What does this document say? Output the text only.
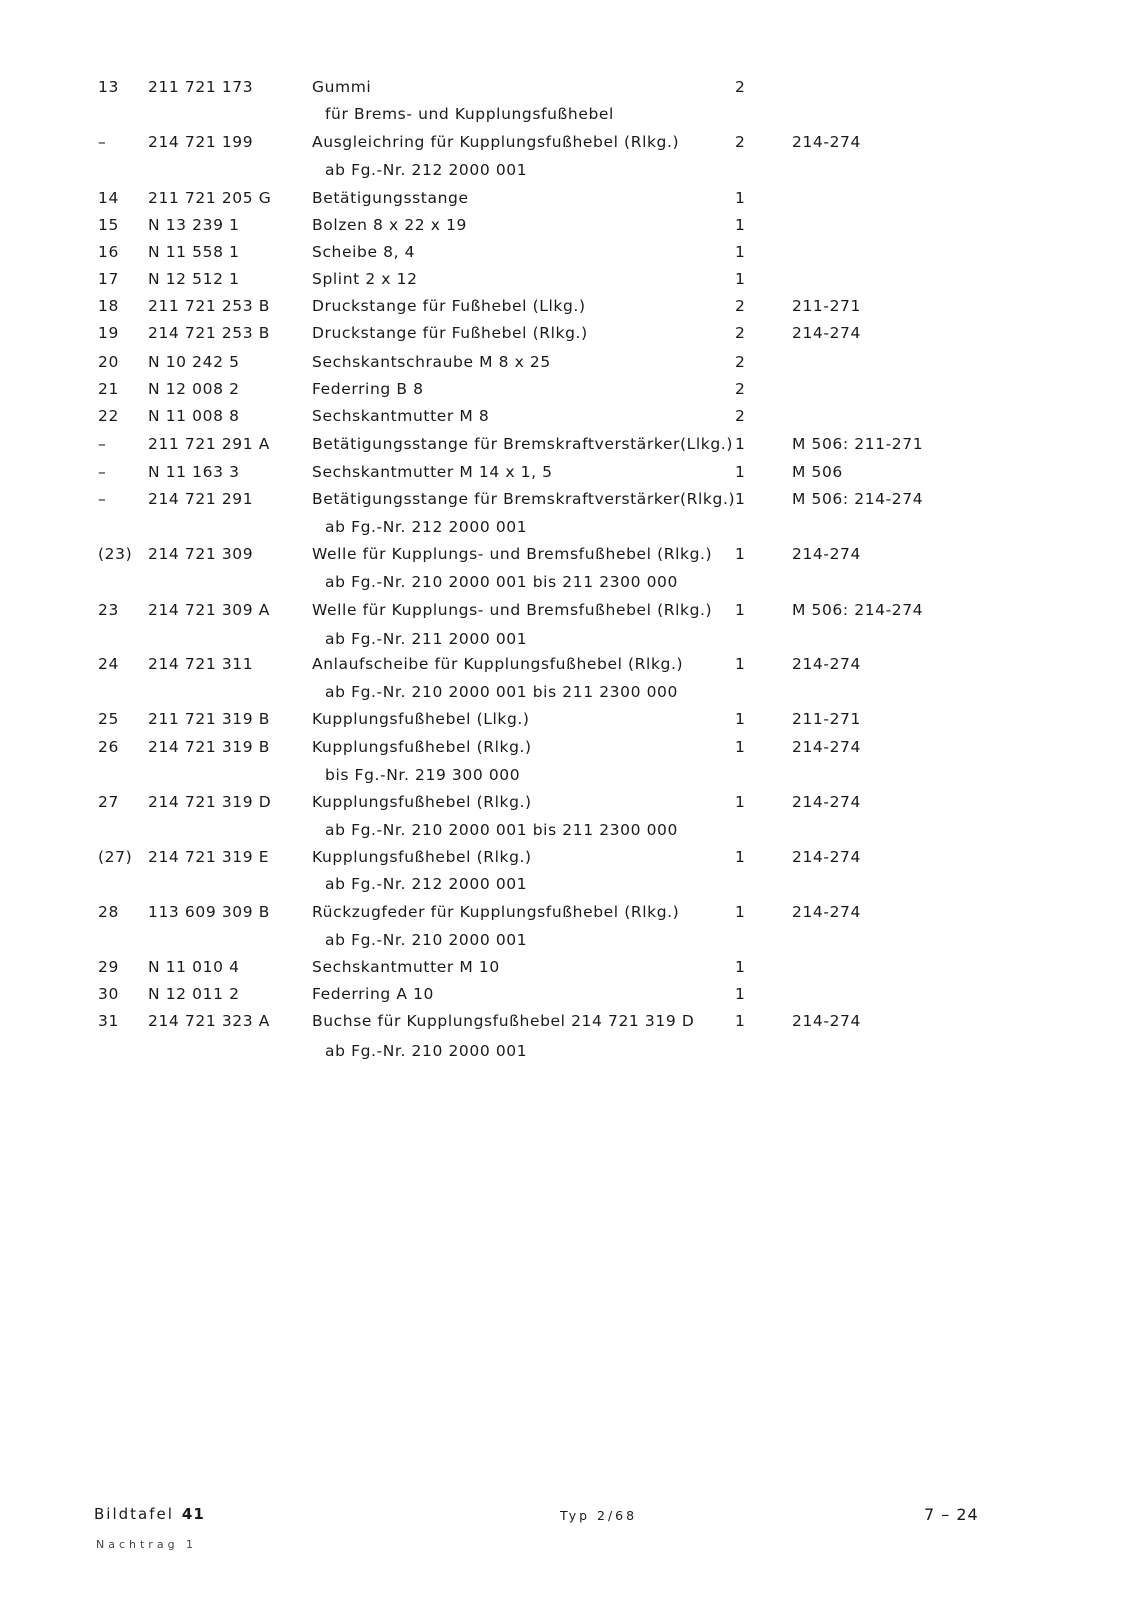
13 211 721 173	Gummi	2
für Brems- und Kupplungsfußhebel
–	214 721 199	Ausgleichring für Kupplungsfußhebel (Rlkg.)	2	214-274
ab Fg.-Nr. 212 2000 001
14 211 721 205 G	Betätigungsstange	1
15 N 13 239 1	Bolzen 8 x 22 x 19	1
16 N 11 558 1	Scheibe 8, 4	1
17 N 12 512 1	Splint 2 x 12	1
18 211 721 253 B	Druckstange für Fußhebel (Llkg.)	2	211-271
19 214 721 253 B	Druckstange für Fußhebel (Rlkg.)	2	214-274
20 N 10 242 5	Sechskantschraube M 8 x 25	2
21 N 12 008 2	Federring B 8	2
22 N 11 008 8	Sechskantmutter M 8	2
–	211 721 291 A	Betätigungsstange für Bremskraftverstärker(Llkg.) 1	M 506: 211-271
–	N 11 163 3	Sechskantmutter M 14 x 1, 5	1	M 506
–	214 721 291	Betätigungsstange für Bremskraftverstärker(Rlkg.) 1	M 506: 214-274
ab Fg.-Nr. 212 2000 001
(23) 214 721 309	Welle für Kupplungs- und Bremsfußhebel (Rlkg.) 1	214-274
ab Fg.-Nr. 210 2000 001 bis 211 2300 000
23 214 721 309 A	Welle für Kupplungs- und Bremsfußhebel (Rlkg.) 1	M 506: 214-274
ab Fg.-Nr. 211 2000 001
24 214 721 311	Anlaufscheibe für Kupplungsfußhebel (Rlkg.)	1	214-274
ab Fg.-Nr. 210 2000 001 bis 211 2300 000
25 211 721 319 B	Kupplungsfußhebel (Llkg.)	1	211-271
26 214 721 319 B	Kupplungsfußhebel (Rlkg.)	1	214-274
bis Fg.-Nr. 219 300 000
27 214 721 319 D	Kupplungsfußhebel (Rlkg.)	1	214-274
ab Fg.-Nr. 210 2000 001 bis 211 2300 000
(27) 214 721 319 E	Kupplungsfußhebel (Rlkg.)	1	214-274
ab Fg.-Nr. 212 2000 001
28 113 609 309 B	Rückzugfeder für Kupplungsfußhebel (Rlkg.)	1	214-274
ab Fg.-Nr. 210 2000 001
29 N 11 010 4	Sechskantmutter M 10	1
30 N 12 011 2	Federring A 10	1
31 214 721 323 A	Buchse für Kupplungsfußhebel 214 721 319 D	1	214-274
ab Fg.-Nr. 210 2000 001
Bildtafel 41
Nachtrag 1
Typ 2/68	7 – 24
